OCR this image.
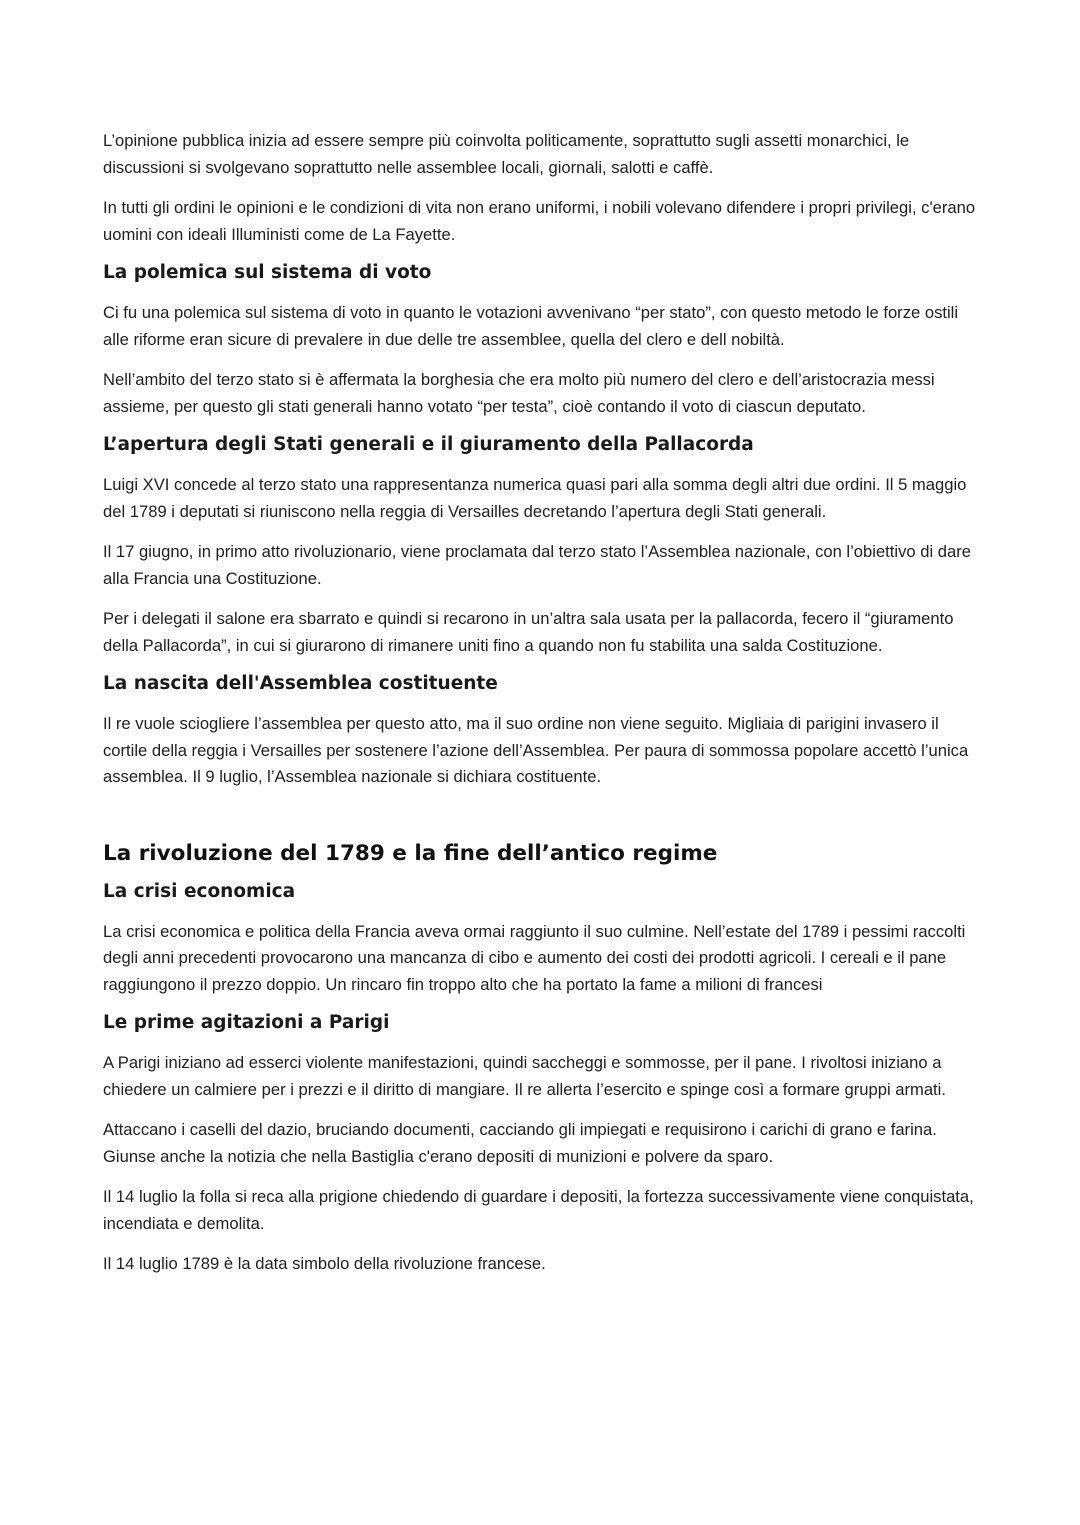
L’opinione pubblica inizia ad essere sempre più coinvolta politicamente, soprattutto sugli assetti monarchici, le discussioni si svolgevano soprattutto nelle assemblee locali, giornali, salotti e caffè.

In tutti gli ordini le opinioni e le condizioni di vita non erano uniformi, i nobili volevano difendere i propri privilegi, c'erano uomini con ideali Illuministi come de La Fayette.

La polemica sul sistema di voto

Ci fu una polemica sul sistema di voto in quanto le votazioni avvenivano “per stato”, con questo metodo le forze ostili alle riforme eran sicure di prevalere in due delle tre assemblee, quella del clero e dell nobiltà.

Nell’ambito del terzo stato si è affermata la borghesia che era molto più numero del clero e dell’aristocrazia messi assieme, per questo gli stati generali hanno votato “per testa”, cioè contando il voto di ciascun deputato.

L’apertura degli Stati generali e il giuramento della Pallacorda

Luigi XVI concede al terzo stato una rappresentanza numerica quasi pari alla somma degli altri due ordini. Il 5 maggio del 1789 i deputati si riuniscono nella reggia di Versailles decretando l’apertura degli Stati generali.

Il 17 giugno, in primo atto rivoluzionario, viene proclamata dal terzo stato l’Assemblea nazionale, con l’obiettivo di dare alla Francia una Costituzione.

Per i delegati il salone era sbarrato e quindi si recarono in un’altra sala usata per la pallacorda, fecero il “giuramento della Pallacorda”, in cui si giurarono di rimanere uniti fino a quando non fu stabilita una salda Costituzione.

La nascita dell'Assemblea costituente

Il re vuole sciogliere l’assemblea per questo atto, ma il suo ordine non viene seguito. Migliaia di parigini invasero il cortile della reggia i Versailles per sostenere l’azione dell’Assemblea. Per paura di sommossa popolare accettò l’unica assemblea. Il 9 luglio, l’Assemblea nazionale si dichiara costituente.

La rivoluzione del 1789 e la fine dell’antico regime
La crisi economica

La crisi economica e politica della Francia aveva ormai raggiunto il suo culmine. Nell’estate del 1789 i pessimi raccolti degli anni precedenti provocarono una mancanza di cibo e aumento dei costi dei prodotti agricoli. I cereali e il pane raggiungono il prezzo doppio. Un rincaro fin troppo alto che ha portato la fame a milioni di francesi

Le prime agitazioni a Parigi

A Parigi iniziano ad esserci violente manifestazioni, quindi saccheggi e sommosse, per il pane. I rivoltosi iniziano a chiedere un calmiere per i prezzi e il diritto di mangiare. Il re allerta l’esercito e spinge così a formare gruppi armati.

Attaccano i caselli del dazio, bruciando documenti, cacciando gli impiegati e requisirono i carichi di grano e farina. Giunse anche la notizia che nella Bastiglia c'erano depositi di munizioni e polvere da sparo.

Il 14 luglio la folla si reca alla prigione chiedendo di guardare i depositi, la fortezza successivamente viene conquistata, incendiata e demolita.

Il 14 luglio 1789 è la data simbolo della rivoluzione francese.
